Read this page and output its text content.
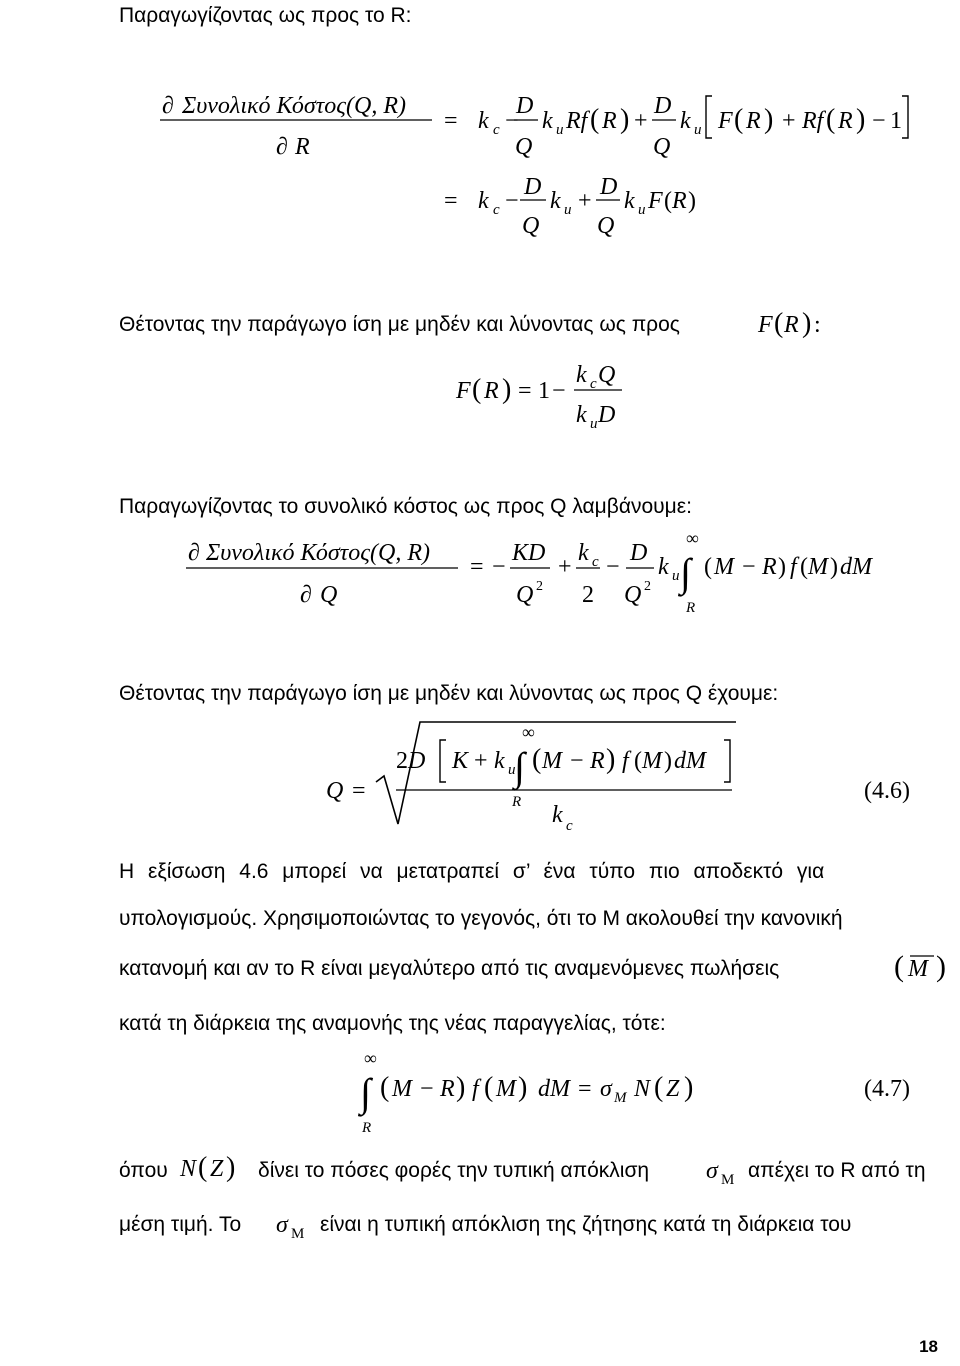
Παραγωγίζοντας ως προς το R:
∂ Συνολικό Κόστος(Q, R)
∂ R
= k c −
D
Q
k u Rf ( R ) +
D
Q
k u F ( R ) + Rf ( R ) − 1
= k c −
D
Q
k u +
D
Q
k u F ( R )
Θέτοντας την παράγωγο ίση με μηδέν και λύνοντας ως προς	F ( R ) :
F ( R ) = 1 −
k c Q
k u D
Παραγωγίζοντας το συνολικό κόστος ως προς Q λαμβάνουμε:
∂ Συνολικό Κόστος(Q, R)
∂ Q
= −
KD
Q 2
+
k c
2
−
D
Q 2
k u
∞
∫
R
( M − R ) f ( M ) dM
Θέτοντας την παράγωγο ίση με μηδέν και λύνοντας ως προς Q έχουμε:
Q =
2 D K + k u
∞
∫
R
( M − R ) f ( M ) dM
k c
(4.6)
Η εξίσωση 4.6 μπορεί να μετατραπεί σ’ ένα τύπο πιο αποδεκτό για
υπολογισμούς. Χρησιμοποιώντας το γεγονός, ότι το Μ ακολουθεί την κανονική
κατανομή και αν το R είναι μεγαλύτερο από τις αναμενόμενες πωλήσεις	( M )
κατά τη διάρκεια της αναμονής της νέας παραγγελίας, τότε:
∞
∫
R
( M − R ) f ( M ) dM = σ M N ( Z )	(4.7)
όπου N ( Z ) δίνει το πόσες φορές την τυπική απόκλιση σ M απέχει το R από τη
μέση τιμή. Το σ M είναι η τυπική απόκλιση της ζήτησης κατά τη διάρκεια του
18
